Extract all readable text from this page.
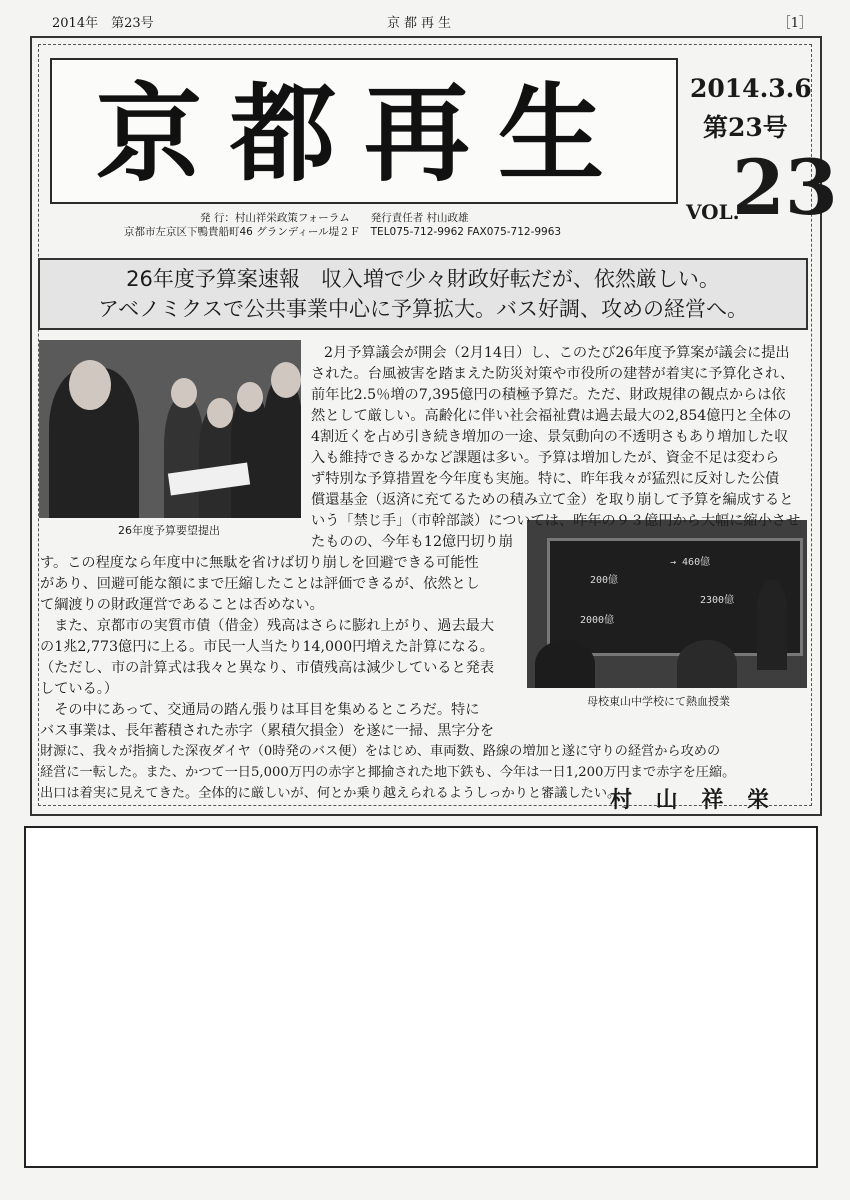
2014年　第23号	京都再生	［1］
京都再生
発 行：村山祥栄政策フォーラム　　発行責任者 村山政雄
京都市左京区下鴨貴船町46 グランディール堤２Ｆ　TEL075-712-9962 FAX075-712-9963
2014.3.6
第23号
VOL.
23
26年度予算案速報　収入増で少々財政好転だが、依然厳しい。
アベノミクスで公共事業中心に予算拡大。バス好調、攻めの経営へ。
26年度予算要望提出
200億
→ 460億
2300億
2000億
母校東山中学校にて熱血授業
2月予算議会が開会（2月14日）し、このたび26年度予算案が議会に提出
された。台風被害を踏まえた防災対策や市役所の建替が着実に予算化され、
前年比2.5％増の7,395億円の積極予算だ。ただ、財政規律の観点からは依
然として厳しい。高齢化に伴い社会福祉費は過去最大の2,854億円と全体の
4割近くを占め引き続き増加の一途、景気動向の不透明さもあり増加した収
入も維持できるかなど課題は多い。予算は増加したが、資金不足は変わら
ず特別な予算措置を今年度も実施。特に、昨年我々が猛烈に反対した公債
償還基金（返済に充てるための積み立て金）を取り崩して予算を編成すると
いう「禁じ手」（市幹部談）については、昨年の９３億円から大幅に縮小させ
たものの、今年も12億円切り崩
す。この程度なら年度中に無駄を省けば切り崩しを回避できる可能性
があり、回避可能な額にまで圧縮したことは評価できるが、依然とし
て綱渡りの財政運営であることは否めない。
　また、京都市の実質市債（借金）残高はさらに膨れ上がり、過去最大
の1兆2,773億円に上る。市民一人当たり14,000円増えた計算になる。
（ただし、市の計算式は我々と異なり、市債残高は減少していると発表
している。）
　その中にあって、交通局の踏ん張りは耳目を集めるところだ。特に
バス事業は、長年蓄積された赤字（累積欠損金）を遂に一掃、黒字分を
財源に、我々が指摘した深夜ダイヤ（0時発のバス便）をはじめ、車両数、路線の増加と遂に守りの経営から攻めの
経営に一転した。また、かつて一日5,000万円の赤字と揶揄された地下鉄も、今年は一日1,200万円まで赤字を圧縮。
出口は着実に見えてきた。全体的に厳しいが、何とか乗り越えられるようしっかりと審議したい。
村 山 祥 栄
